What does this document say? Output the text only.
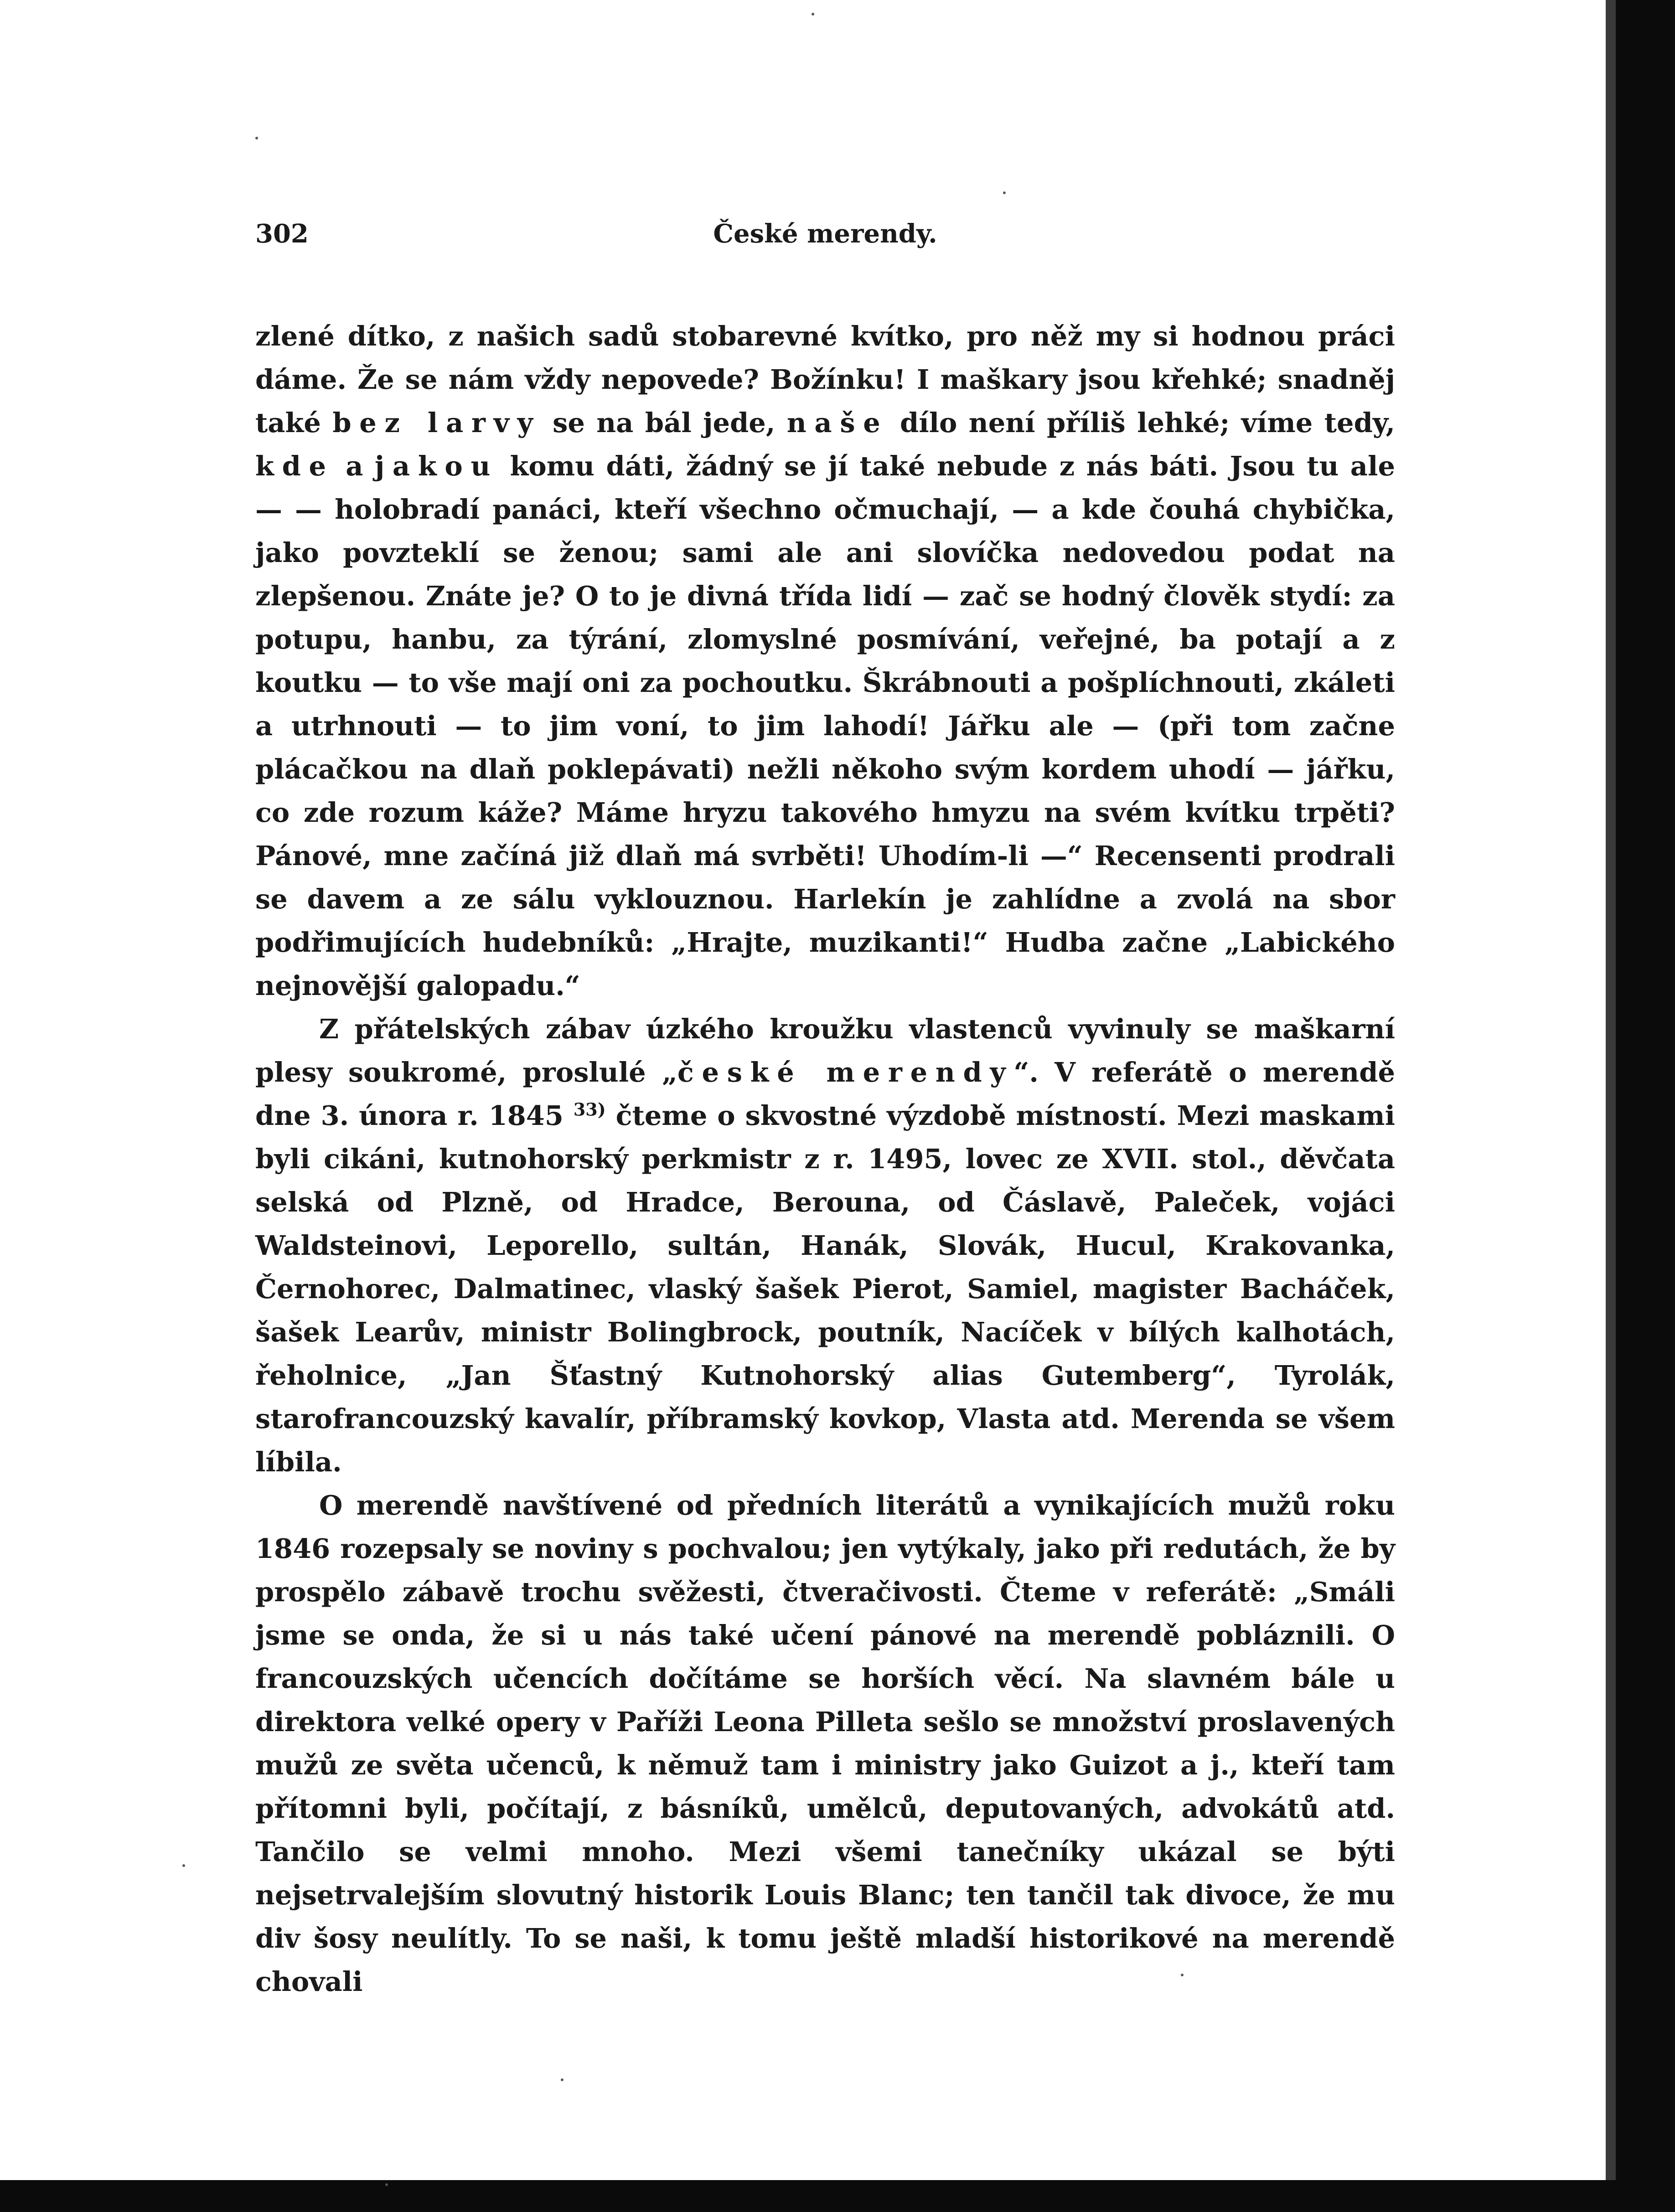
302	České merendy.

zlené dítko, z našich sadů stobarevné kvítko, pro něž my si hodnou práci dáme. Že se nám vždy nepovede? Božínku! I maškary jsou křehké; snadněj také bez larvy se na bál jede, naše dílo není příliš lehké; víme tedy, kde a jakou komu dáti, žádný se jí také nebude z nás báti. Jsou tu ale — — holobradí panáci, kteří všechno očmuchají, — a kde čouhá chybička, jako povzteklí se ženou; sami ale ani slovíčka nedovedou podat na zlepšenou. Znáte je? O to je divná třída lidí — zač se hodný člověk stydí: za potupu, hanbu, za týrání, zlomyslné posmívání, veřejné, ba potají a z koutku — to vše mají oni za pochoutku. Škrábnouti a pošplíchnouti, zkáleti a utrhnouti — to jim voní, to jim lahodí! Jářku ale — (při tom začne plácačkou na dlaň poklepávati) nežli někoho svým kordem uhodí — jářku, co zde rozum káže? Máme hryzu takového hmyzu na svém kvítku trpěti? Pánové, mne začíná již dlaň má svrběti! Uhodím-li —“ Recensenti prodrali se davem a ze sálu vyklouznou. Harlekín je zahlídne a zvolá na sbor podřimujících hudebníků: „Hrajte, muzikanti!“ Hudba začne „Labického nejnovější galopadu.“

Z přátelských zábav úzkého kroužku vlastenců vyvinuly se maškarní plesy soukromé, proslulé „české merendy“. V referátě o merendě dne 3. února r. 1845 $^{33)}$ čteme o skvostné výzdobě místností. Mezi maskami byli cikáni, kutnohorský perkmistr z r. 1495, lovec ze XVII. stol., děvčata selská od Plzně, od Hradce, Berouna, od Čáslavě, Paleček, vojáci Waldsteinovi, Leporello, sultán, Hanák, Slovák, Hucul, Krakovanka, Černohorec, Dalmatinec, vlaský šašek Pierot, Samiel, magister Bacháček, šašek Learův, ministr Bolingbrock, poutník, Nacíček v bílých kalhotách, řeholnice, „Jan Šťastný Kutnohorský alias Gutemberg“, Tyrolák, starofrancouzský kavalír, příbramský kovkop, Vlasta atd. Merenda se všem líbila.

O merendě navštívené od předních literátů a vynikajících mužů roku 1846 rozepsaly se noviny s pochvalou; jen vytýkaly, jako při redutách, že by prospělo zábavě trochu svěžesti, čtveračivosti. Čteme v referátě: „Smáli jsme se onda, že si u nás také učení pánové na merendě pobláznili. O francouzských učencích dočítáme se horších věcí. Na slavném bále u direktora velké opery v Paříži Leona Pilleta sešlo se množství proslavených mužů ze světa učenců, k němuž tam i ministry jako Guizot a j., kteří tam přítomni byli, počítají, z básníků, umělců, deputovaných, advokátů atd. Tančilo se velmi mnoho. Mezi všemi tanečníky ukázal se býti nejsetrvalejším slovutný historik Louis Blanc; ten tančil tak divoce, že mu div šosy neulítly. To se naši, k tomu ještě mladší historikové na merendě chovali
